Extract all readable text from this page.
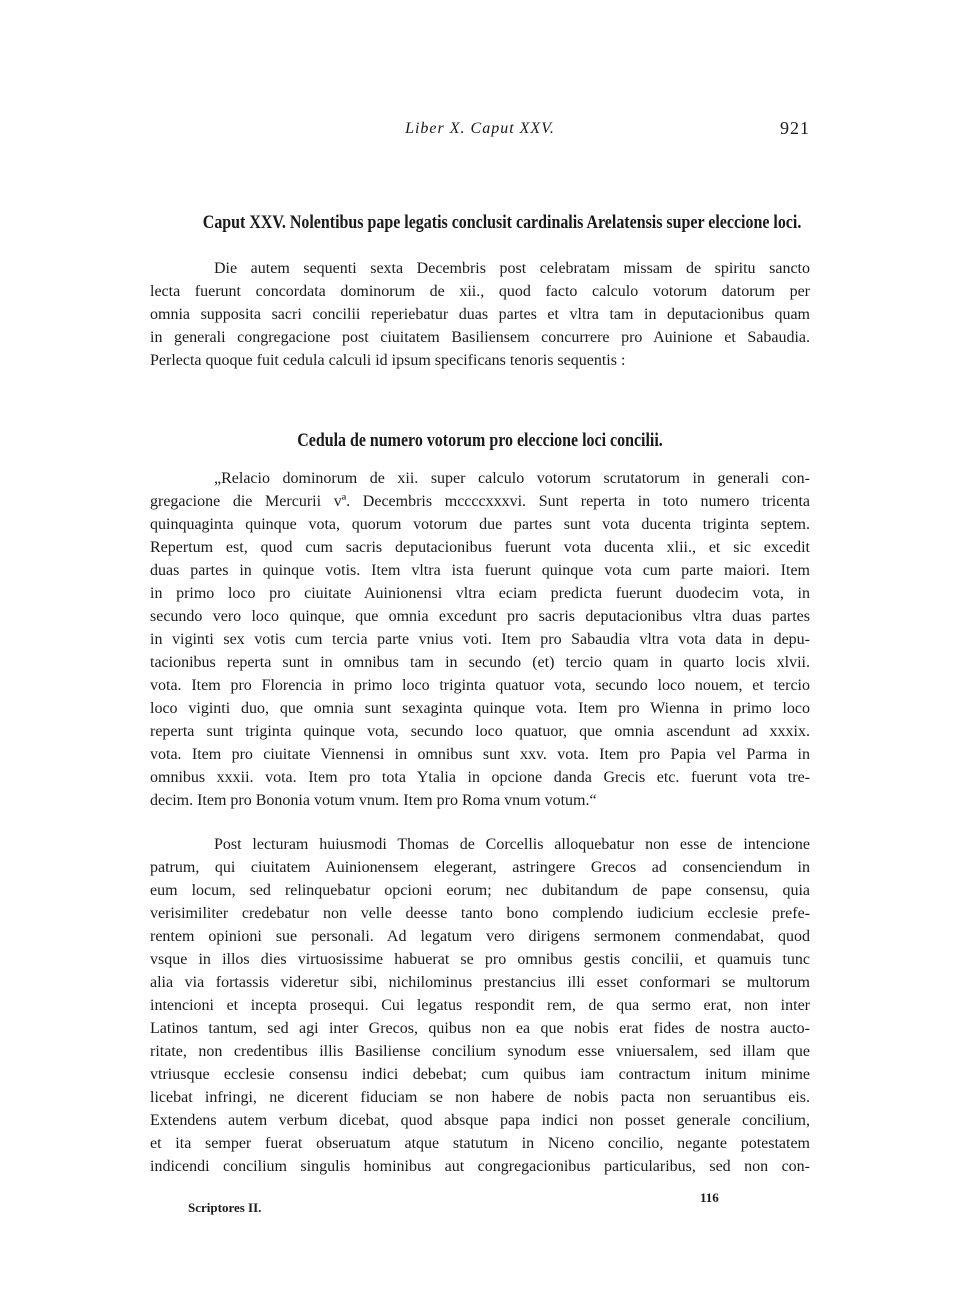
Liber X. Caput XXV.	921
Caput XXV. Nolentibus pape legatis conclusit cardinalis Arelatensis super eleccione loci.
Die autem sequenti sexta Decembris post celebratam missam de spiritu sancto
lecta fuerunt concordata dominorum de xii., quod facto calculo votorum datorum per
omnia supposita sacri concilii reperiebatur duas partes et vltra tam in deputacionibus quam
in generali congregacione post ciuitatem Basiliensem concurrere pro Auinione et Sabaudia.
Perlecta quoque fuit cedula calculi id ipsum specificans tenoris sequentis :
Cedula de numero votorum pro eleccione loci concilii.
„Relacio dominorum de xii. super calculo votorum scrutatorum in generali con-
gregacione die Mercurii vª. Decembris mccccxxxvi. Sunt reperta in toto numero tricenta
quinquaginta quinque vota, quorum votorum due partes sunt vota ducenta triginta septem.
Repertum est, quod cum sacris deputacionibus fuerunt vota ducenta xlii., et sic excedit
duas partes in quinque votis. Item vltra ista fuerunt quinque vota cum parte maiori. Item
in primo loco pro ciuitate Auinionensi vltra eciam predicta fuerunt duodecim vota, in
secundo vero loco quinque, que omnia excedunt pro sacris deputacionibus vltra duas partes
in viginti sex votis cum tercia parte vnius voti. Item pro Sabaudia vltra vota data in depu-
tacionibus reperta sunt in omnibus tam in secundo (et) tercio quam in quarto locis xlvii.
vota. Item pro Florencia in primo loco triginta quatuor vota, secundo loco nouem, et tercio
loco viginti duo, que omnia sunt sexaginta quinque vota. Item pro Wienna in primo loco
reperta sunt triginta quinque vota, secundo loco quatuor, que omnia ascendunt ad xxxix.
vota. Item pro ciuitate Viennensi in omnibus sunt xxv. vota. Item pro Papia vel Parma in
omnibus xxxii. vota. Item pro tota Ytalia in opcione danda Grecis etc. fuerunt vota tre-
decim. Item pro Bononia votum vnum. Item pro Roma vnum votum.“
Post lecturam huiusmodi Thomas de Corcellis alloquebatur non esse de intencione
patrum, qui ciuitatem Auinionensem elegerant, astringere Grecos ad consenciendum in
eum locum, sed relinquebatur opcioni eorum; nec dubitandum de pape consensu, quia
verisimiliter credebatur non velle deesse tanto bono complendo iudicium ecclesie prefe-
rentem opinioni sue personali. Ad legatum vero dirigens sermonem conmendabat, quod
vsque in illos dies virtuosissime habuerat se pro omnibus gestis concilii, et quamuis tunc
alia via fortassis videretur sibi, nichilominus prestancius illi esset conformari se multorum
intencioni et incepta prosequi. Cui legatus respondit rem, de qua sermo erat, non inter
Latinos tantum, sed agi inter Grecos, quibus non ea que nobis erat fides de nostra aucto-
ritate, non credentibus illis Basiliense concilium synodum esse vniuersalem, sed illam que
vtriusque ecclesie consensu indici debebat; cum quibus iam contractum initum minime
licebat infringi, ne dicerent fiduciam se non habere de nobis pacta non seruantibus eis.
Extendens autem verbum dicebat, quod absque papa indici non posset generale concilium,
et ita semper fuerat obseruatum atque statutum in Niceno concilio, negante potestatem
indicendi concilium singulis hominibus aut congregacionibus particularibus, sed non con-
Scriptores II.
116
